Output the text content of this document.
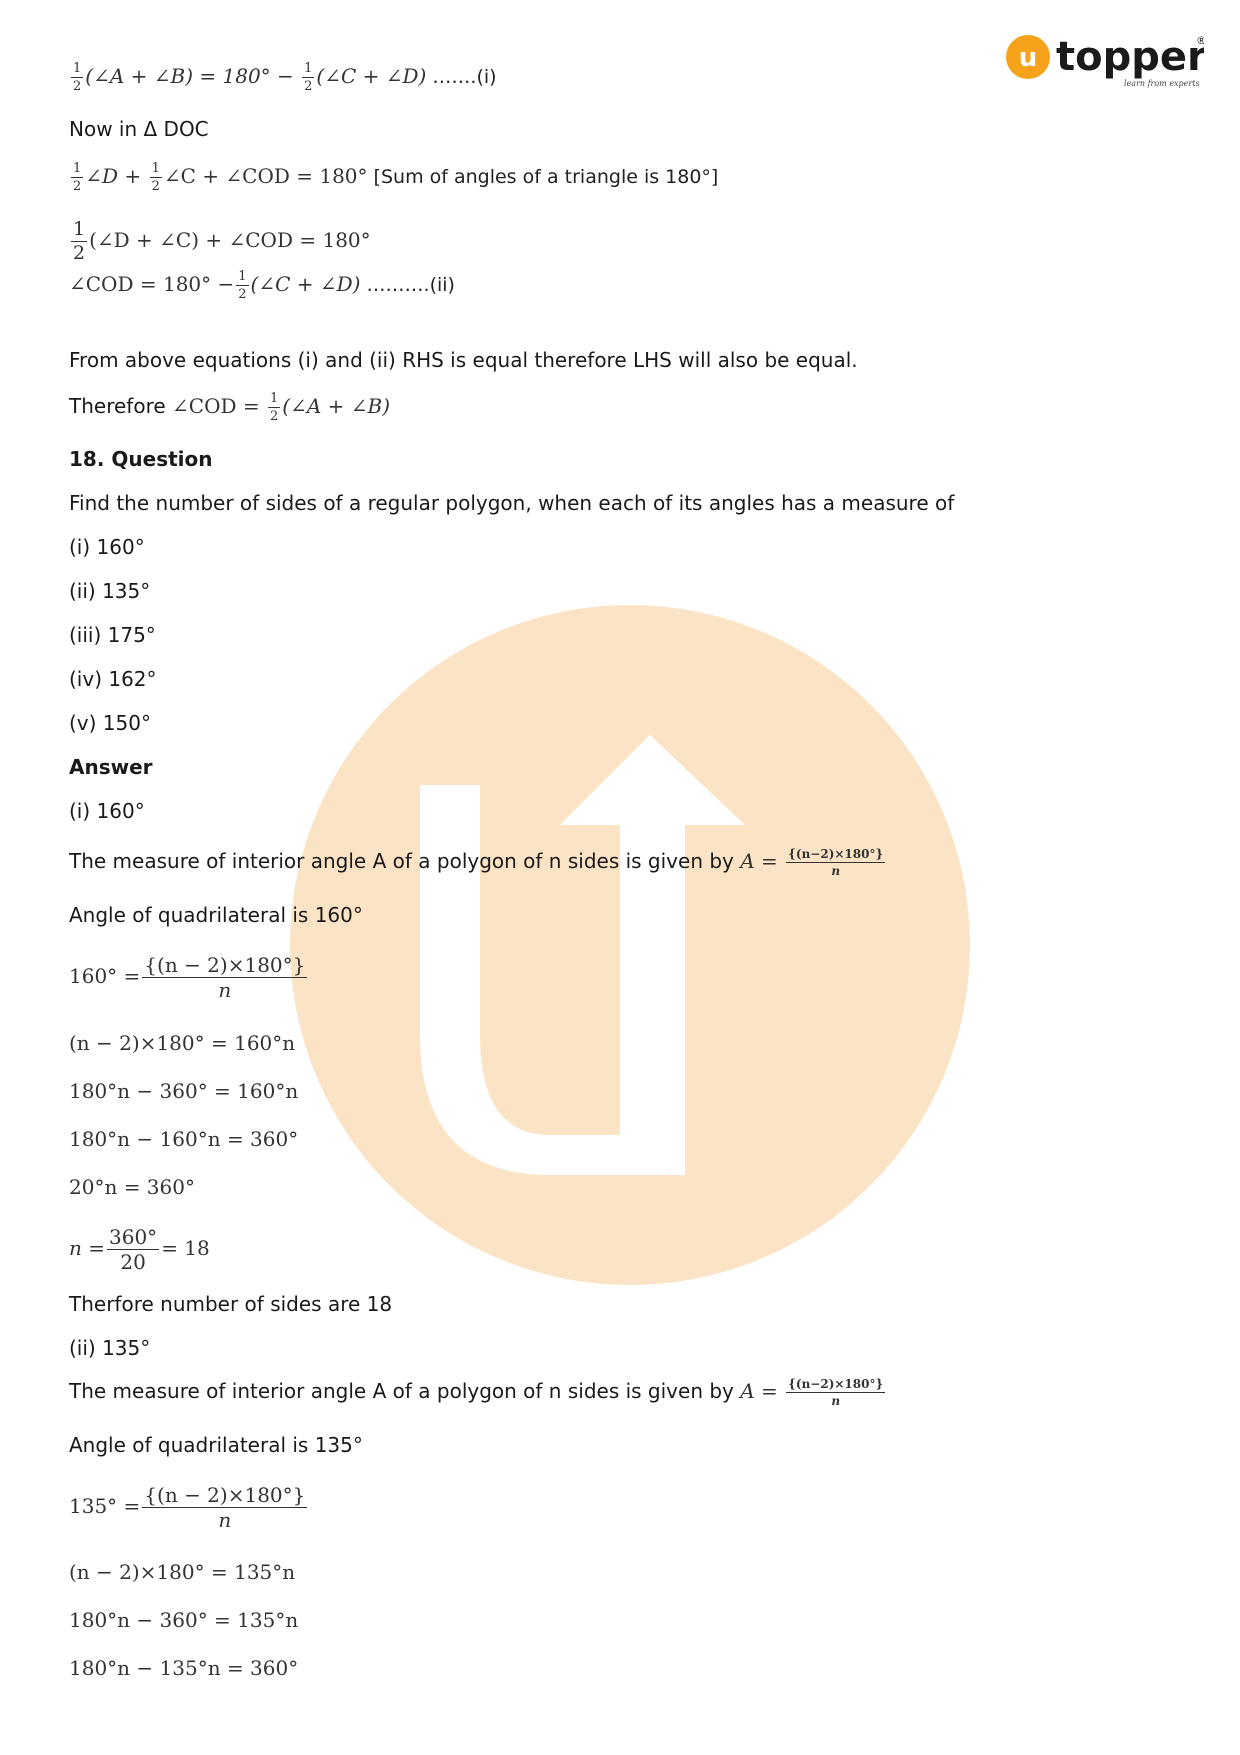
u topper
®
learn from experts
$\frac{1}{2}$ (∠A + ∠B) = $180^\circ - \frac{1}{2}$ (∠C + ∠D) …….(i)
Now in Δ DOC
$\frac{1}{2}$ ∠D + $\frac{1}{2}$ ∠C + ∠COD = 180° [Sum of angles of a triangle is 180°]
$\frac{1}{2}$ (∠D + ∠C) + ∠COD = 180°
∠COD = $180^\circ - \frac{1}{2}$ (∠C + ∠D) ……….(ii)
From above equations (i) and (ii) RHS is equal therefore LHS will also be equal.
Therefore ∠COD = $\frac{1}{2}$ (∠A + ∠B)
18. Question
Find the number of sides of a regular polygon, when each of its angles has a measure of
(i) 160°
(ii) 135°
(iii) 175°
(iv) 162°
(v) 150°
Answer
(i) 160°
The measure of interior angle A of a polygon of n sides is given by $A = \frac{\{(n-2)\times 180^\circ\}}{n}$
Angle of quadrilateral is 160°
$160^\circ = \frac{\{(n - 2)\times 180^\circ\}}{n}$
(n − 2)×180° = 160°n
180°n − 360° = 160°n
180°n − 160°n = 360°
20°n = 360°
$n = \frac{360^\circ}{20} = 18$
Therfore number of sides are 18
(ii) 135°
The measure of interior angle A of a polygon of n sides is given by $A = \frac{\{(n-2)\times 180^\circ\}}{n}$
Angle of quadrilateral is 135°
$135^\circ = \frac{\{(n - 2)\times 180^\circ\}}{n}$
(n − 2)×180° = 135°n
180°n − 360° = 135°n
180°n − 135°n = 360°
